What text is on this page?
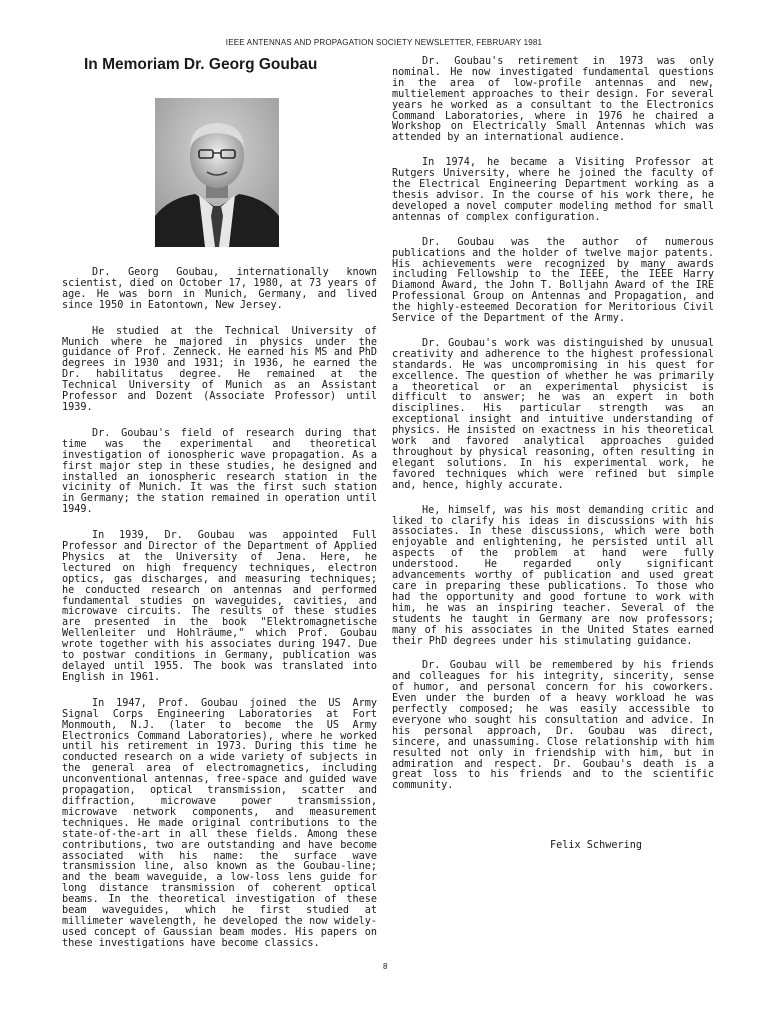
IEEE ANTENNAS AND PROPAGATION SOCIETY NEWSLETTER, FEBRUARY 1981
In Memoriam Dr. Georg Goubau

Dr. Georg Goubau, internationally known scientist, died on October 17, 1980, at 73 years of age. He was born in Munich, Germany, and lived since 1950 in Eatontown, New Jersey.

He studied at the Technical University of Munich where he majored in physics under the guidance of Prof. Zenneck. He earned his MS and PhD degrees in 1930 and 1931; in 1936, he earned the Dr. habilitatus degree. He remained at the Technical University of Munich as an Assistant Professor and Dozent (Associate Professor) until 1939.

Dr. Goubau's field of research during that time was the experimental and theoretical investigation of ionospheric wave propagation. As a first major step in these studies, he designed and installed an ionospheric research station in the vicinity of Munich. It was the first such station in Germany; the station remained in operation until 1949.

In 1939, Dr. Goubau was appointed Full Professor and Director of the Department of Applied Physics at the University of Jena. Here, he lectured on high frequency techniques, electron optics, gas discharges, and measuring techniques; he conducted research on antennas and performed fundamental studies on waveguides, cavities, and microwave circuits. The results of these studies are presented in the book "Elektromagnetische Wellenleiter und Hohlräume," which Prof. Goubau wrote together with his associates during 1947. Due to postwar conditions in Germany, publication was delayed until 1955. The book was translated into English in 1961.

In 1947, Prof. Goubau joined the US Army Signal Corps Engineering Laboratories at Fort Monmouth, N.J. (later to become the US Army Electronics Command Laboratories), where he worked until his retirement in 1973. During this time he conducted research on a wide variety of subjects in the general area of electromagnetics, including unconventional antennas, free-space and guided wave propagation, optical transmission, scatter and diffraction, microwave power transmission, microwave network components, and measurement techniques. He made original contributions to the state-of-the-art in all these fields. Among these contributions, two are outstanding and have become associated with his name: the surface wave transmission line, also known as the Goubau-line; and the beam waveguide, a low-loss lens guide for long distance transmission of coherent optical beams. In the theoretical investigation of these beam waveguides, which he first studied at millimeter wavelength, he developed the now widely-used concept of Gaussian beam modes. His papers on these investigations have become classics.

Dr. Goubau's retirement in 1973 was only nominal. He now investigated fundamental questions in the area of low-profile antennas and new, multielement approaches to their design. For several years he worked as a consultant to the Electronics Command Laboratories, where in 1976 he chaired a Workshop on Electrically Small Antennas which was attended by an international audience.

In 1974, he became a Visiting Professor at Rutgers University, where he joined the faculty of the Electrical Engineering Department working as a thesis advisor. In the course of his work there, he developed a novel computer modeling method for small antennas of complex configuration.

Dr. Goubau was the author of numerous publications and the holder of twelve major patents. His achievements were recognized by many awards including Fellowship to the IEEE, the IEEE Harry Diamond Award, the John T. Bolljahn Award of the IRE Professional Group on Antennas and Propagation, and the highly-esteemed Decoration for Meritorious Civil Service of the Department of the Army.

Dr. Goubau's work was distinguished by unusual creativity and adherence to the highest professional standards. He was uncompromising in his quest for excellence. The question of whether he was primarily a theoretical or an experimental physicist is difficult to answer; he was an expert in both disciplines. His particular strength was an exceptional insight and intuitive understanding of physics. He insisted on exactness in his theoretical work and favored analytical approaches guided throughout by physical reasoning, often resulting in elegant solutions. In his experimental work, he favored techniques which were refined but simple and, hence, highly accurate.

He, himself, was his most demanding critic and liked to clarify his ideas in discussions with his associates. In these discussions, which were both enjoyable and enlightening, he persisted until all aspects of the problem at hand were fully understood. He regarded only significant advancements worthy of publication and used great care in preparing these publications. To those who had the opportunity and good fortune to work with him, he was an inspiring teacher. Several of the students he taught in Germany are now professors; many of his associates in the United States earned their PhD degrees under his stimulating guidance.

Dr. Goubau will be remembered by his friends and colleagues for his integrity, sincerity, sense of humor, and personal concern for his coworkers. Even under the burden of a heavy workload he was perfectly composed; he was easily accessible to everyone who sought his consultation and advice. In his personal approach, Dr. Goubau was direct, sincere, and unassuming. Close relationship with him resulted not only in friendship with him, but in admiration and respect. Dr. Goubau's death is a great loss to his friends and to the scientific community.

Felix Schwering
8
